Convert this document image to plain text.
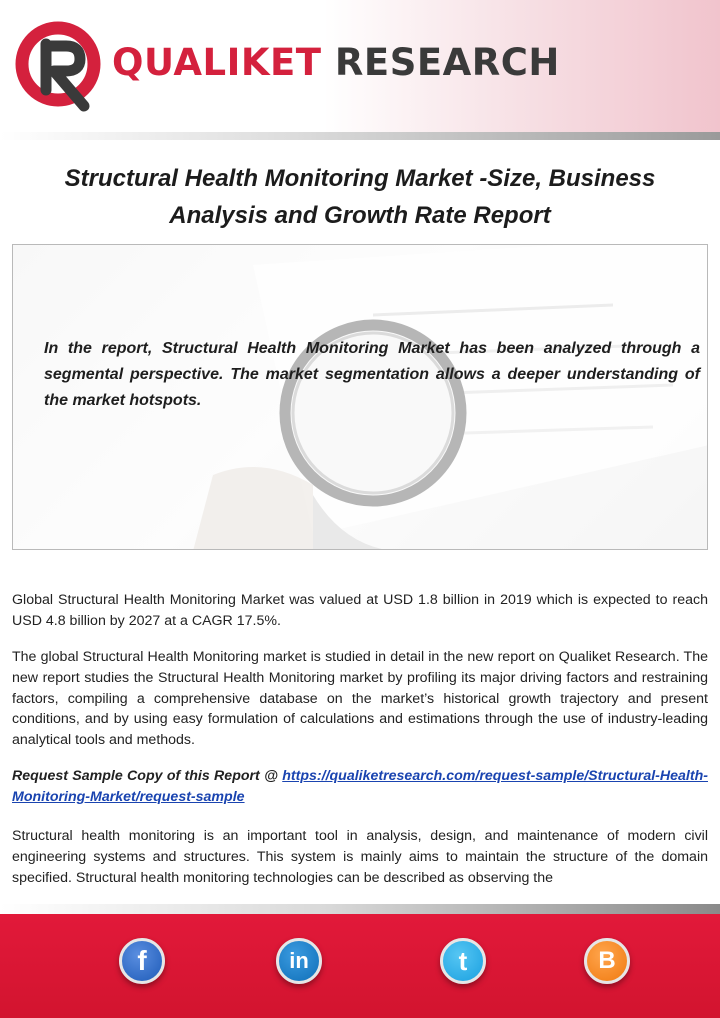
QUALIKET RESEARCH
Structural Health Monitoring Market -Size, Business Analysis and Growth Rate Report

In the report, Structural Health Monitoring Market has been analyzed through a segmental perspective. The market segmentation allows a deeper understanding of the market hotspots.

Global Structural Health Monitoring Market was valued at USD 1.8 billion in 2019 which is expected to reach USD 4.8 billion by 2027 at a CAGR 17.5%.

The global Structural Health Monitoring market is studied in detail in the new report on Qualiket Research. The new report studies the Structural Health Monitoring market by profiling its major driving factors and restraining factors, compiling a comprehensive database on the market’s historical growth trajectory and present conditions, and by using easy formulation of calculations and estimations through the use of industry-leading analytical tools and methods.

Request Sample Copy of this Report @ https://qualiketresearch.com/request-sample/Structural-Health-Monitoring-Market/request-sample

Structural health monitoring is an important tool in analysis, design, and maintenance of modern civil engineering systems and structures. This system is mainly aims to maintain the structure of the domain specified. Structural health monitoring technologies can be described as observing the

f	in	t	B
